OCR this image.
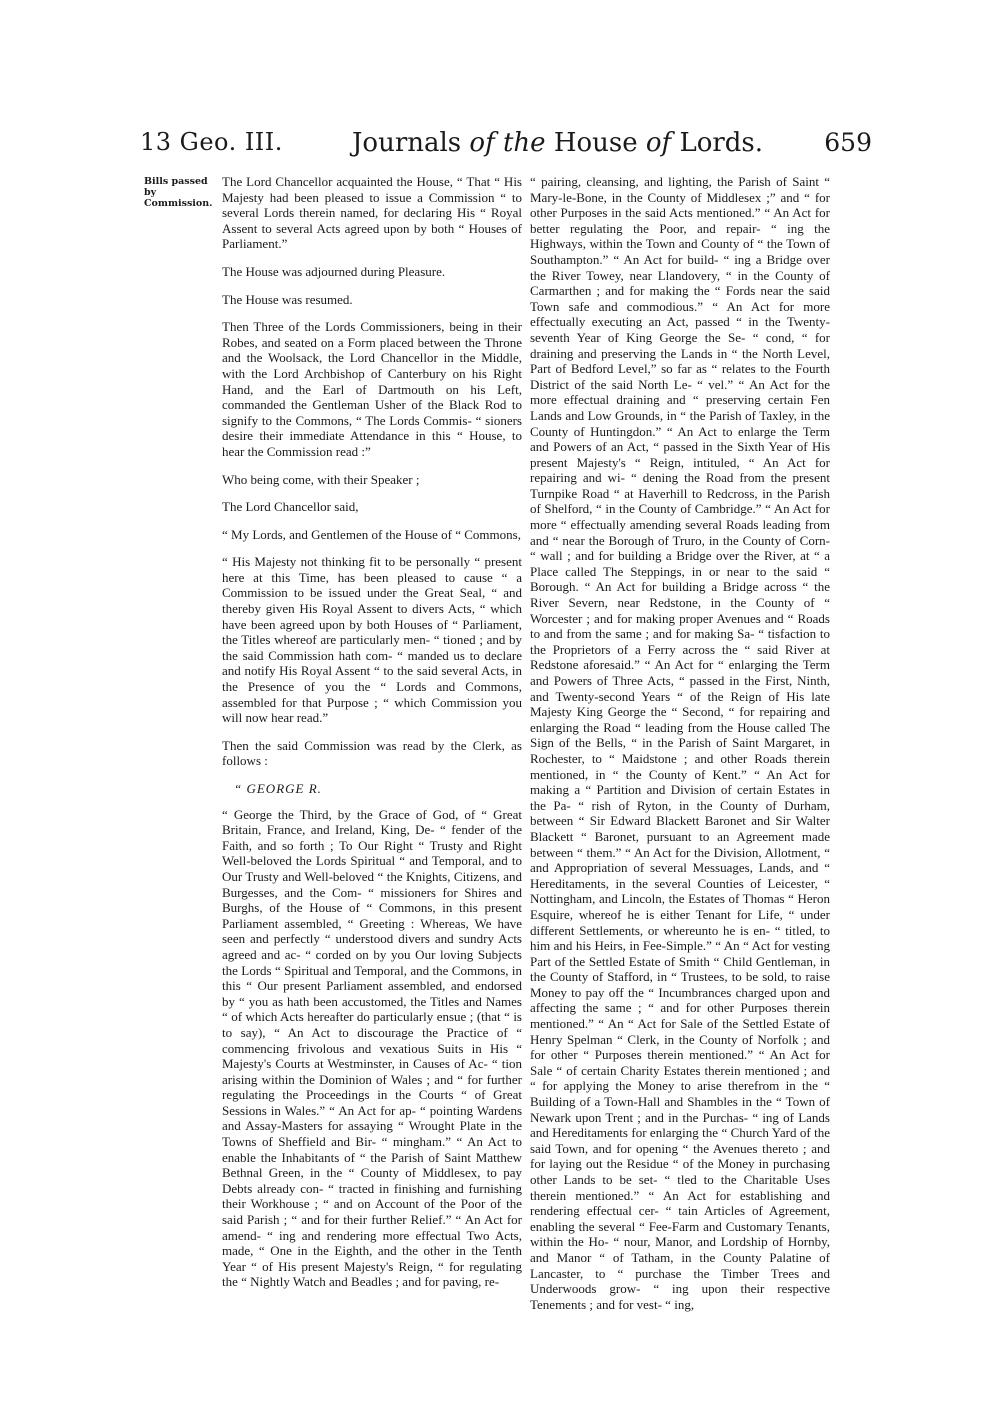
13 Geo. III.	Journals of the House of Lords. 659
Bills passed by Commission.

The Lord Chancellor acquainted the House, “ That “ His Majesty had been pleased to issue a Commission “ to several Lords therein named, for declaring His “ Royal Assent to several Acts agreed upon by both “ Houses of Parliament.”

The House was adjourned during Pleasure.

The House was resumed.

Then Three of the Lords Commissioners, being in their Robes, and seated on a Form placed between the Throne and the Woolsack, the Lord Chancellor in the Middle, with the Lord Archbishop of Canterbury on his Right Hand, and the Earl of Dartmouth on his Left, commanded the Gentleman Usher of the Black Rod to signify to the Commons, “ The Lords Commis- “ sioners desire their immediate Attendance in this “ House, to hear the Commission read :”

Who being come, with their Speaker ;

The Lord Chancellor said,

“ My Lords, and Gentlemen of the House of “ Commons,

“ His Majesty not thinking fit to be personally “ present here at this Time, has been pleased to cause “ a Commission to be issued under the Great Seal, “ and thereby given His Royal Assent to divers Acts, “ which have been agreed upon by both Houses of “ Parliament, the Titles whereof are particularly men- “ tioned ; and by the said Commission hath com- “ manded us to declare and notify His Royal Assent “ to the said several Acts, in the Presence of you the “ Lords and Commons, assembled for that Purpose ; “ which Commission you will now hear read.”

Then the said Commission was read by the Clerk, as follows :

“ GEORGE R.

“ George the Third, by the Grace of God, of “ Great Britain, France, and Ireland, King, De- “ fender of the Faith, and so forth ; To Our Right “ Trusty and Right Well-beloved the Lords Spiritual “ and Temporal, and to Our Trusty and Well-beloved “ the Knights, Citizens, and Burgesses, and the Com- “ missioners for Shires and Burghs, of the House of “ Commons, in this present Parliament assembled, “ Greeting : Whereas, We have seen and perfectly “ understood divers and sundry Acts agreed and ac- “ corded on by you Our loving Subjects the Lords “ Spiritual and Temporal, and the Commons, in this “ Our present Parliament assembled, and endorsed by “ you as hath been accustomed, the Titles and Names “ of which Acts hereafter do particularly ensue ; (that “ is to say), “ An Act to discourage the Practice of “ commencing frivolous and vexatious Suits in His “ Majesty's Courts at Westminster, in Causes of Ac- “ tion arising within the Dominion of Wales ; and “ for further regulating the Proceedings in the Courts “ of Great Sessions in Wales.” “ An Act for ap- “ pointing Wardens and Assay-Masters for assaying “ Wrought Plate in the Towns of Sheffield and Bir- “ mingham.” “ An Act to enable the Inhabitants of “ the Parish of Saint Matthew Bethnal Green, in the “ County of Middlesex, to pay Debts already con- “ tracted in finishing and furnishing their Workhouse ; “ and on Account of the Poor of the said Parish ; “ and for their further Relief.” “ An Act for amend- “ ing and rendering more effectual Two Acts, made, “ One in the Eighth, and the other in the Tenth Year “ of His present Majesty's Reign, “ for regulating the “ Nightly Watch and Beadles ; and for paving, re-

“ pairing, cleansing, and lighting, the Parish of Saint “ Mary-le-Bone, in the County of Middlesex ;” and “ for other Purposes in the said Acts mentioned.” “ An Act for better regulating the Poor, and repair- “ ing the Highways, within the Town and County of “ the Town of Southampton.” “ An Act for build- “ ing a Bridge over the River Towey, near Llandovery, “ in the County of Carmarthen ; and for making the “ Fords near the said Town safe and commodious.” “ An Act for more effectually executing an Act, passed “ in the Twenty-seventh Year of King George the Se- “ cond, “ for draining and preserving the Lands in “ the North Level, Part of Bedford Level,” so far as “ relates to the Fourth District of the said North Le- “ vel.” “ An Act for the more effectual draining and “ preserving certain Fen Lands and Low Grounds, in “ the Parish of Taxley, in the County of Huntingdon.” “ An Act to enlarge the Term and Powers of an Act, “ passed in the Sixth Year of His present Majesty's “ Reign, intituled, “ An Act for repairing and wi- “ dening the Road from the present Turnpike Road “ at Haverhill to Redcross, in the Parish of Shelford, “ in the County of Cambridge.” “ An Act for more “ effectually amending several Roads leading from and “ near the Borough of Truro, in the County of Corn- “ wall ; and for building a Bridge over the River, at “ a Place called The Steppings, in or near to the said “ Borough. “ An Act for building a Bridge across “ the River Severn, near Redstone, in the County of “ Worcester ; and for making proper Avenues and “ Roads to and from the same ; and for making Sa- “ tisfaction to the Proprietors of a Ferry across the “ said River at Redstone aforesaid.” “ An Act for “ enlarging the Term and Powers of Three Acts, “ passed in the First, Ninth, and Twenty-second Years “ of the Reign of His late Majesty King George the “ Second, “ for repairing and enlarging the Road “ leading from the House called The Sign of the Bells, “ in the Parish of Saint Margaret, in Rochester, to “ Maidstone ; and other Roads therein mentioned, in “ the County of Kent.” “ An Act for making a “ Partition and Division of certain Estates in the Pa- “ rish of Ryton, in the County of Durham, between “ Sir Edward Blackett Baronet and Sir Walter Blackett “ Baronet, pursuant to an Agreement made between “ them.” “ An Act for the Division, Allotment, “ and Appropriation of several Messuages, Lands, and “ Hereditaments, in the several Counties of Leicester, “ Nottingham, and Lincoln, the Estates of Thomas “ Heron Esquire, whereof he is either Tenant for Life, “ under different Settlements, or whereunto he is en- “ titled, to him and his Heirs, in Fee-Simple.” “ An “ Act for vesting Part of the Settled Estate of Smith “ Child Gentleman, in the County of Stafford, in “ Trustees, to be sold, to raise Money to pay off the “ Incumbrances charged upon and affecting the same ; “ and for other Purposes therein mentioned.” “ An “ Act for Sale of the Settled Estate of Henry Spelman “ Clerk, in the County of Norfolk ; and for other “ Purposes therein mentioned.” “ An Act for Sale “ of certain Charity Estates therein mentioned ; and “ for applying the Money to arise therefrom in the “ Building of a Town-Hall and Shambles in the “ Town of Newark upon Trent ; and in the Purchas- “ ing of Lands and Hereditaments for enlarging the “ Church Yard of the said Town, and for opening “ the Avenues thereto ; and for laying out the Residue “ of the Money in purchasing other Lands to be set- “ tled to the Charitable Uses therein mentioned.” “ An Act for establishing and rendering effectual cer- “ tain Articles of Agreement, enabling the several “ Fee-Farm and Customary Tenants, within the Ho- “ nour, Manor, and Lordship of Hornby, and Manor “ of Tatham, in the County Palatine of Lancaster, to “ purchase the Timber Trees and Underwoods grow- “ ing upon their respective Tenements ; and for vest- “ ing,
